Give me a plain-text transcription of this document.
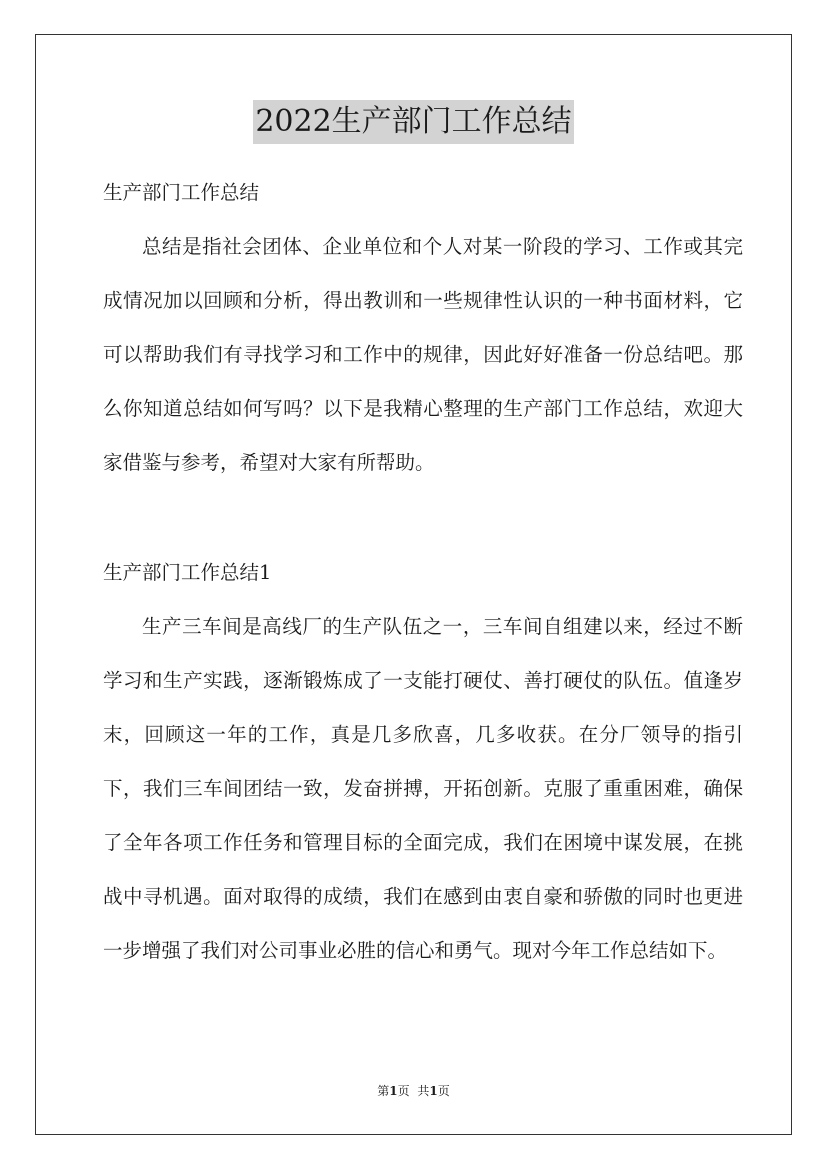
2022生产部门工作总结
生产部门工作总结

总结是指社会团体、企业单位和个人对某一阶段的学习、工作或其完成情况加以回顾和分析，得出教训和一些规律性认识的一种书面材料，它可以帮助我们有寻找学习和工作中的规律，因此好好准备一份总结吧。那么你知道总结如何写吗？以下是我精心整理的生产部门工作总结，欢迎大家借鉴与参考，希望对大家有所帮助。

生产部门工作总结1

生产三车间是高线厂的生产队伍之一，三车间自组建以来，经过不断学习和生产实践，逐渐锻炼成了一支能打硬仗、善打硬仗的队伍。值逢岁末，回顾这一年的工作，真是几多欣喜，几多收获。在分厂领导的指引下，我们三车间团结一致，发奋拼搏，开拓创新。克服了重重困难，确保了全年各项工作任务和管理目标的全面完成，我们在困境中谋发展，在挑战中寻机遇。面对取得的成绩，我们在感到由衷自豪和骄傲的同时也更进一步增强了我们对公司事业必胜的信心和勇气。现对今年工作总结如下。

第1页 共1页
